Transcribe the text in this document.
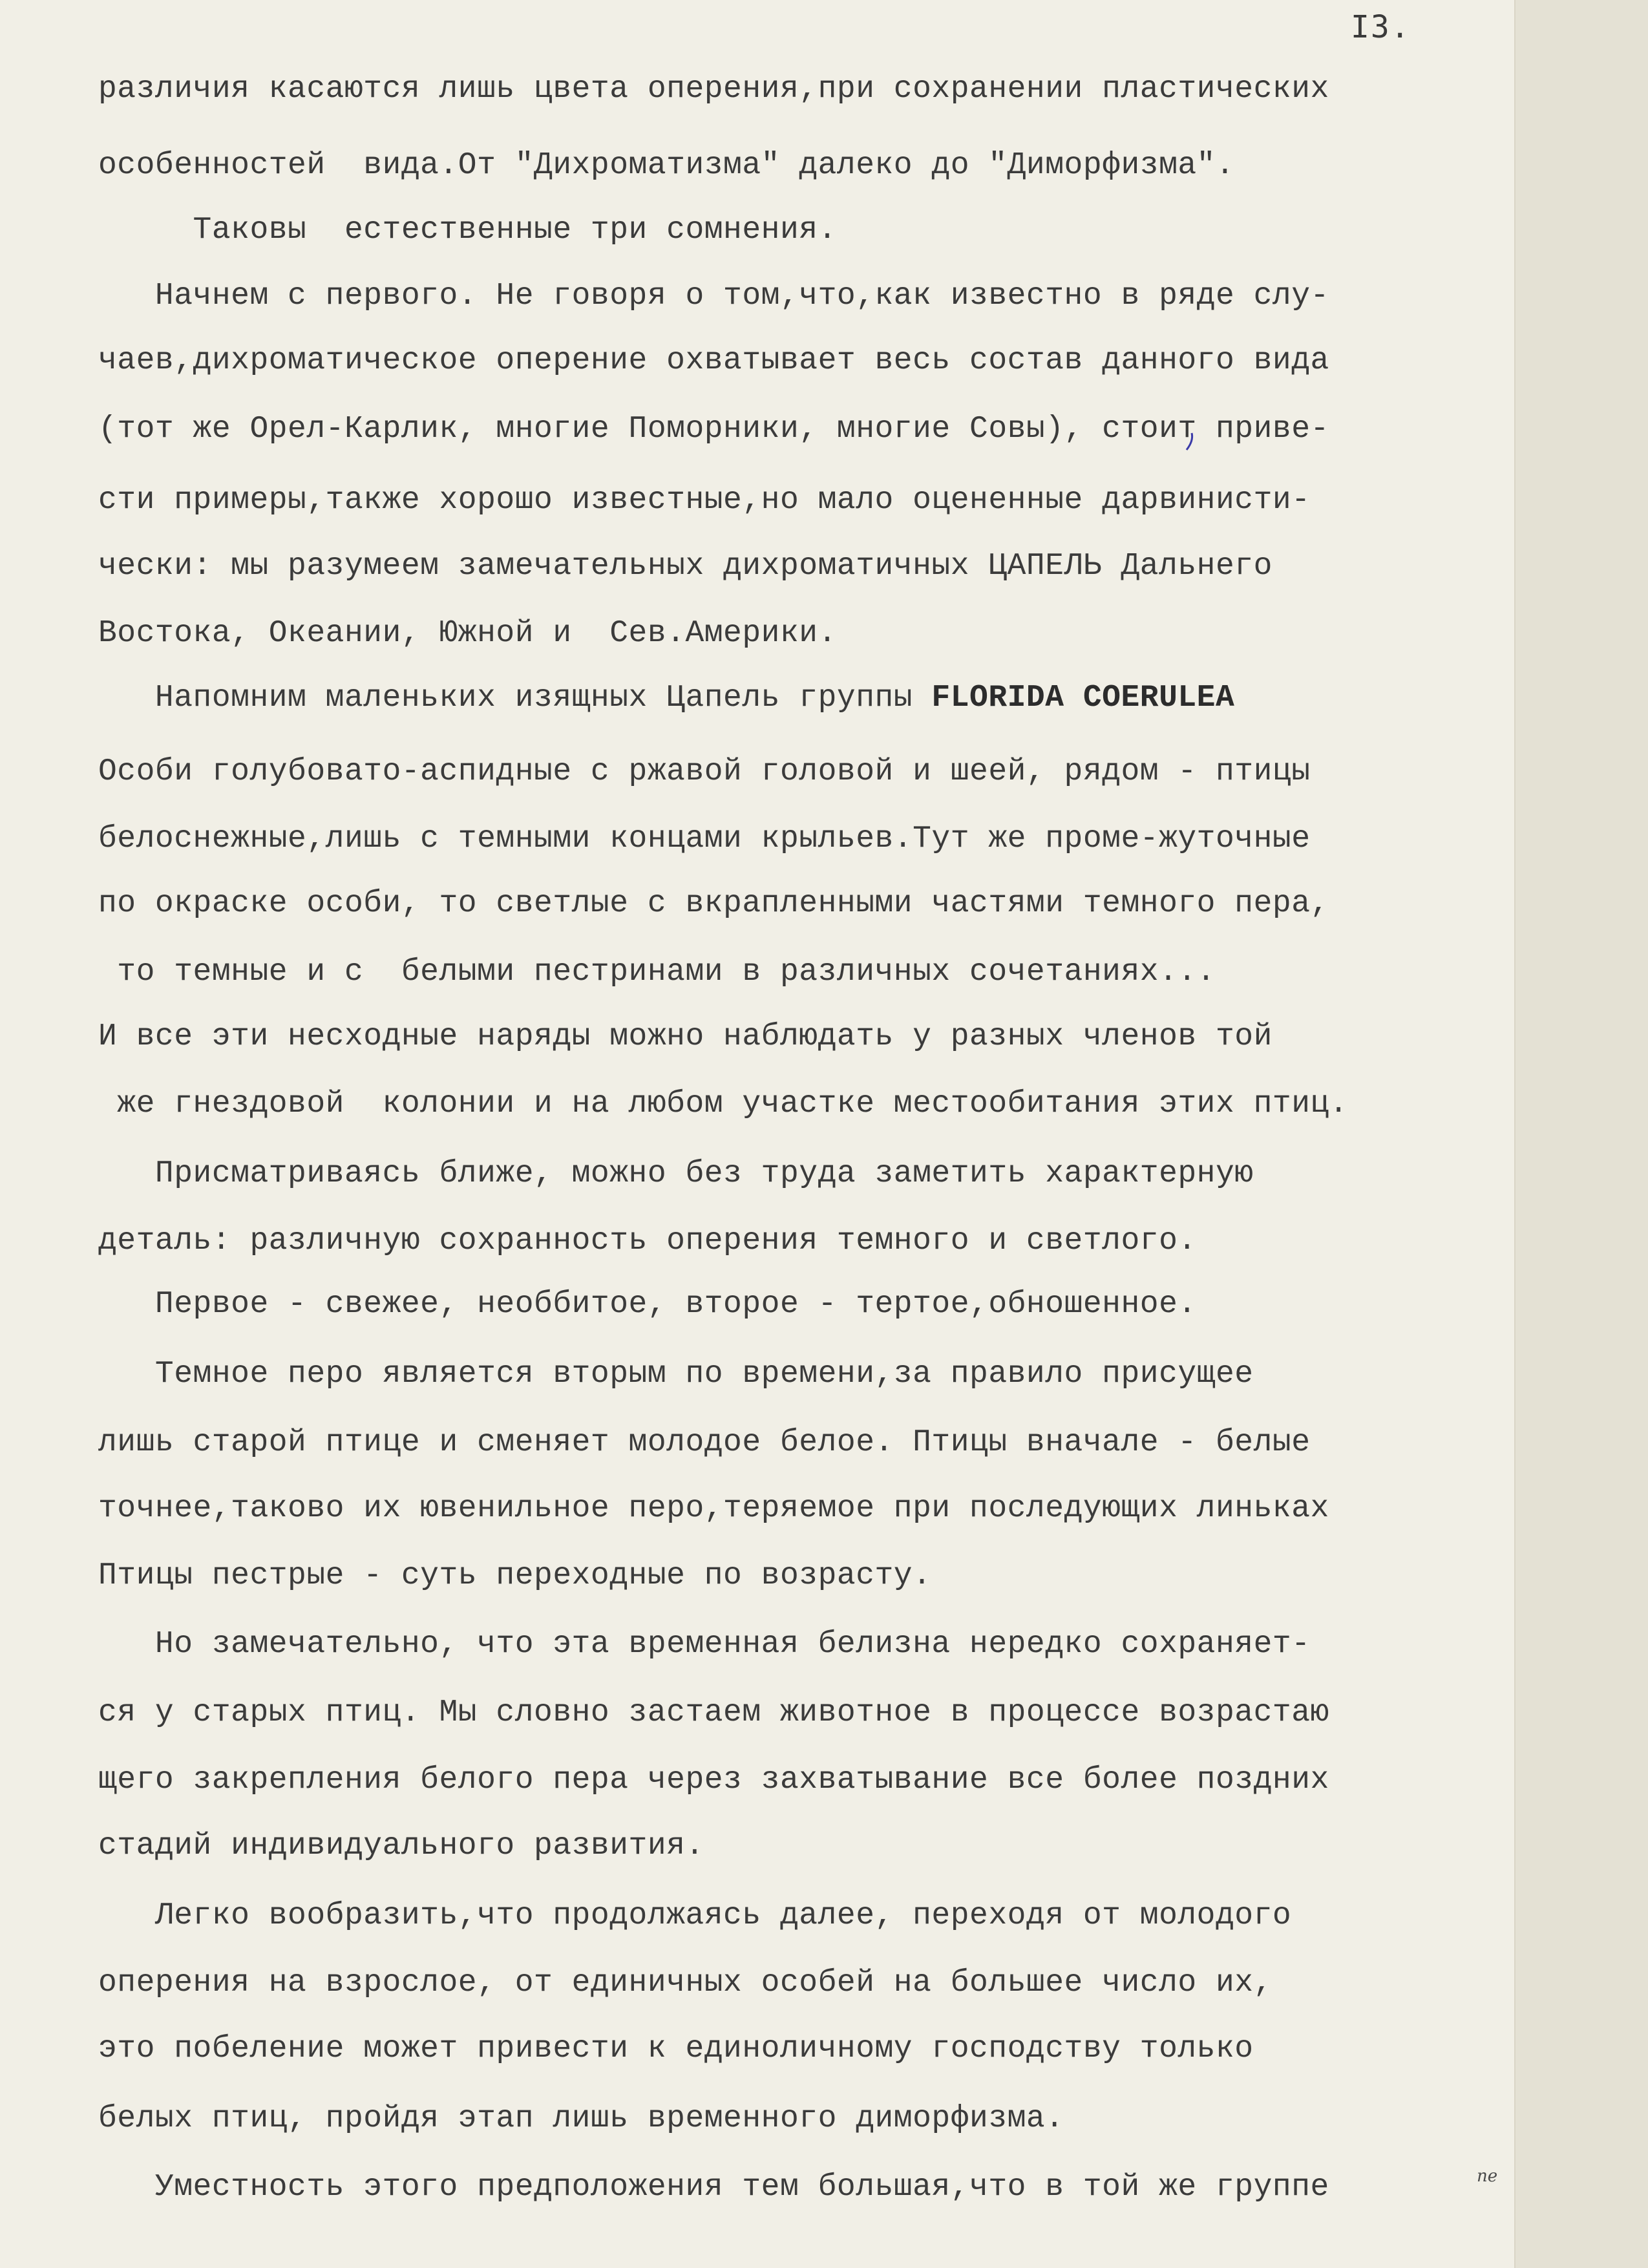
I3.
различия касаются лишь цвета оперения,при сохранении пластических
особенностей  вида.От "Дихроматизма" далеко до "Диморфизма".
Таковы  естественные три сомнения.
Начнем с первого. Не говоря о том,что,как известно в ряде слу-
чаев,дихроматическое оперение охватывает весь состав данного вида
(тот же Орел-Карлик, многие Поморники, многие Совы), стоит приве-
сти примеры,также хорошо известные,но мало оцененные дарвинисти-
чески: мы разумеем замечательных дихроматичных ЦАПЕЛЬ Дальнего
Востока, Океании, Южной и  Сев.Америки.
Напомним маленьких изящных Цапель группы FLORIDA COERULEA
Особи голубовато-аспидные с ржавой головой и шеей, рядом - птицы
белоснежные,лишь с темными концами крыльев.Тут же проме-жуточные
по окраске особи, то светлые с вкрапленными частями темного пера,
то темные и с  белыми пестринами в различных сочетаниях...
И все эти несходные наряды можно наблюдать у разных членов той
же гнездовой  колонии и на любом участке местообитания этих птиц.
Присматриваясь ближе, можно без труда заметить характерную
деталь: различную сохранность оперения темного и светлого.
Первое - свежее, необбитое, второе - тертое,обношенное.
Темное перо является вторым по времени,за правило присущее
лишь старой птице и сменяет молодое белое. Птицы вначале - белые
точнее,таково их ювенильное перо,теряемое при последующих линьках
Птицы пестрые - суть переходные по возрасту.
Но замечательно, что эта временная белизна нередко сохраняет-
ся у старых птиц. Мы словно застаем животное в процессе возрастаю
щего закрепления белого пера через захватывание все более поздних
стадий индивидуального развития.
Легко вообразить,что продолжаясь далее, переходя от молодого
оперения на взрослое, от единичных особей на большее число их,
это побеление может привести к единоличному господству только
белых птиц, пройдя этап лишь временного диморфизма.
Уместность этого предположения тем большая,что в той же группе	пе
